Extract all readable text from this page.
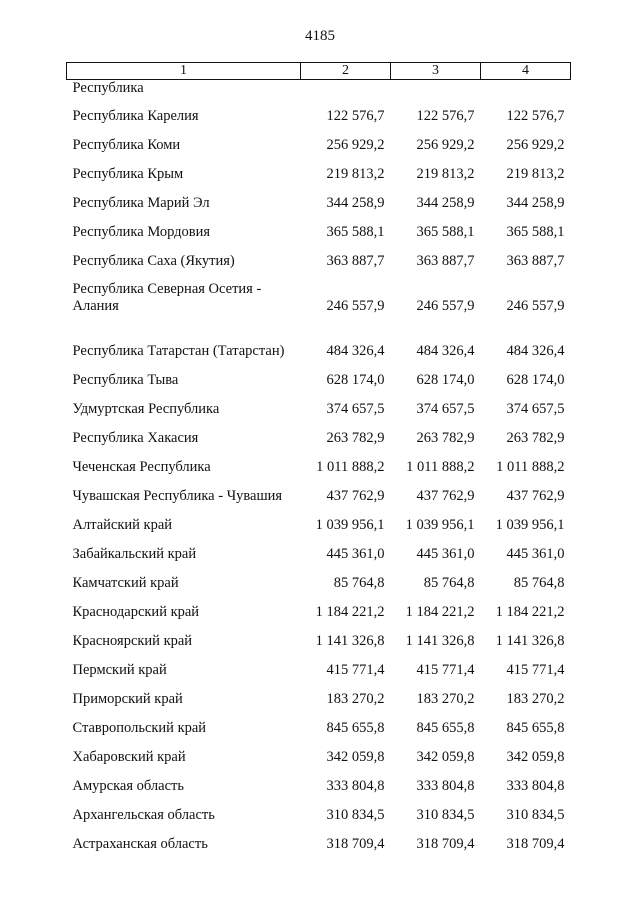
4185
1	2	3	4
Республика			
Республика Карелия	122 576,7	122 576,7	122 576,7
Республика Коми	256 929,2	256 929,2	256 929,2
Республика Крым	219 813,2	219 813,2	219 813,2
Республика Марий Эл	344 258,9	344 258,9	344 258,9
Республика Мордовия	365 588,1	365 588,1	365 588,1
Республика Саха (Якутия)	363 887,7	363 887,7	363 887,7
Республика Северная Осетия - Алания	246 557,9	246 557,9	246 557,9
Республика Татарстан (Татарстан)	484 326,4	484 326,4	484 326,4
Республика Тыва	628 174,0	628 174,0	628 174,0
Удмуртская Республика	374 657,5	374 657,5	374 657,5
Республика Хакасия	263 782,9	263 782,9	263 782,9
Чеченская Республика	1 011 888,2	1 011 888,2	1 011 888,2
Чувашская Республика - Чувашия	437 762,9	437 762,9	437 762,9
Алтайский край	1 039 956,1	1 039 956,1	1 039 956,1
Забайкальский край	445 361,0	445 361,0	445 361,0
Камчатский край	85 764,8	85 764,8	85 764,8
Краснодарский край	1 184 221,2	1 184 221,2	1 184 221,2
Красноярский край	1 141 326,8	1 141 326,8	1 141 326,8
Пермский край	415 771,4	415 771,4	415 771,4
Приморский край	183 270,2	183 270,2	183 270,2
Ставропольский край	845 655,8	845 655,8	845 655,8
Хабаровский край	342 059,8	342 059,8	342 059,8
Амурская область	333 804,8	333 804,8	333 804,8
Архангельская область	310 834,5	310 834,5	310 834,5
Астраханская область	318 709,4	318 709,4	318 709,4
